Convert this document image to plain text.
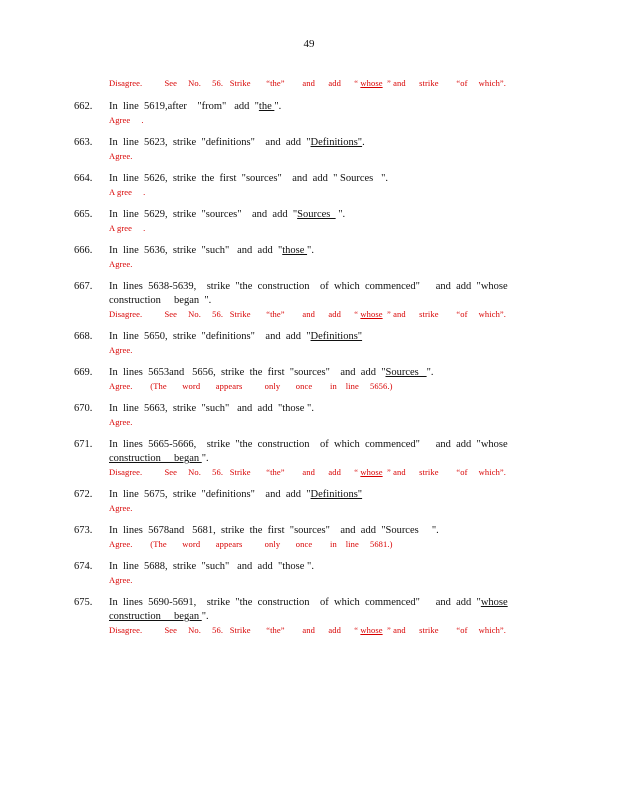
49
Disagree.          See     No.     56.   Strike       “the”        and      add      “ whose  ” and      strike        “of     which”.
662. In  line  5619,after    "from"   add  "the ".
Agree     .
663. In  line  5623,  strike  "definitions"    and  add  "Definitions".
Agree.
664. In  line  5626,  strike  the  first  "sources"    and  add  " Sources   ".
A gree     .
665. In  line  5629,  strike  "sources"    and  add  "Sources   ".
A gree     .
666. In  line  5636,  strike  "such"   and  add  "those ".
Agree.
667. In  lines  5638-5639,    strike  "the  construction    of  which  commenced"      and  add  "whose
construction     began  ".
Disagree.          See     No.     56.   Strike       “the”        and      add      “ whose  ” and      strike        “of     which”.
668. In  line  5650,  strike  "definitions"    and  add  "Definitions"
Agree.
669. In  lines  5653and   5656,  strike  the  first  "sources"    and  add  "Sources   ".
Agree.        (The       word       appears          only       once        in    line     5656.)
670. In  line  5663,  strike  "such"   and  add  "those ".
Agree.
671. In  lines  5665-5666,    strike  "the  construction    of  which  commenced"      and  add  "whose
construction     began ".
Disagree.          See     No.     56.   Strike       “the”        and      add      “ whose  ” and      strike        “of     which”.
672. In  line  5675,  strike  "definitions"    and  add  "Definitions"
Agree.
673. In  lines  5678and   5681,  strike  the  first  "sources"    and  add  "Sources     ".
Agree.        (The       word       appears          only       once        in    line     5681.)
674. In  line  5688,  strike  "such"   and  add  "those ".
Agree.
675. In  lines  5690-5691,    strike  "the  construction    of  which  commenced"      and  add  "whose
construction     began ".
Disagree.          See     No.     56.   Strike       “the”        and      add      “ whose  ” and      strike        “of     which”.
